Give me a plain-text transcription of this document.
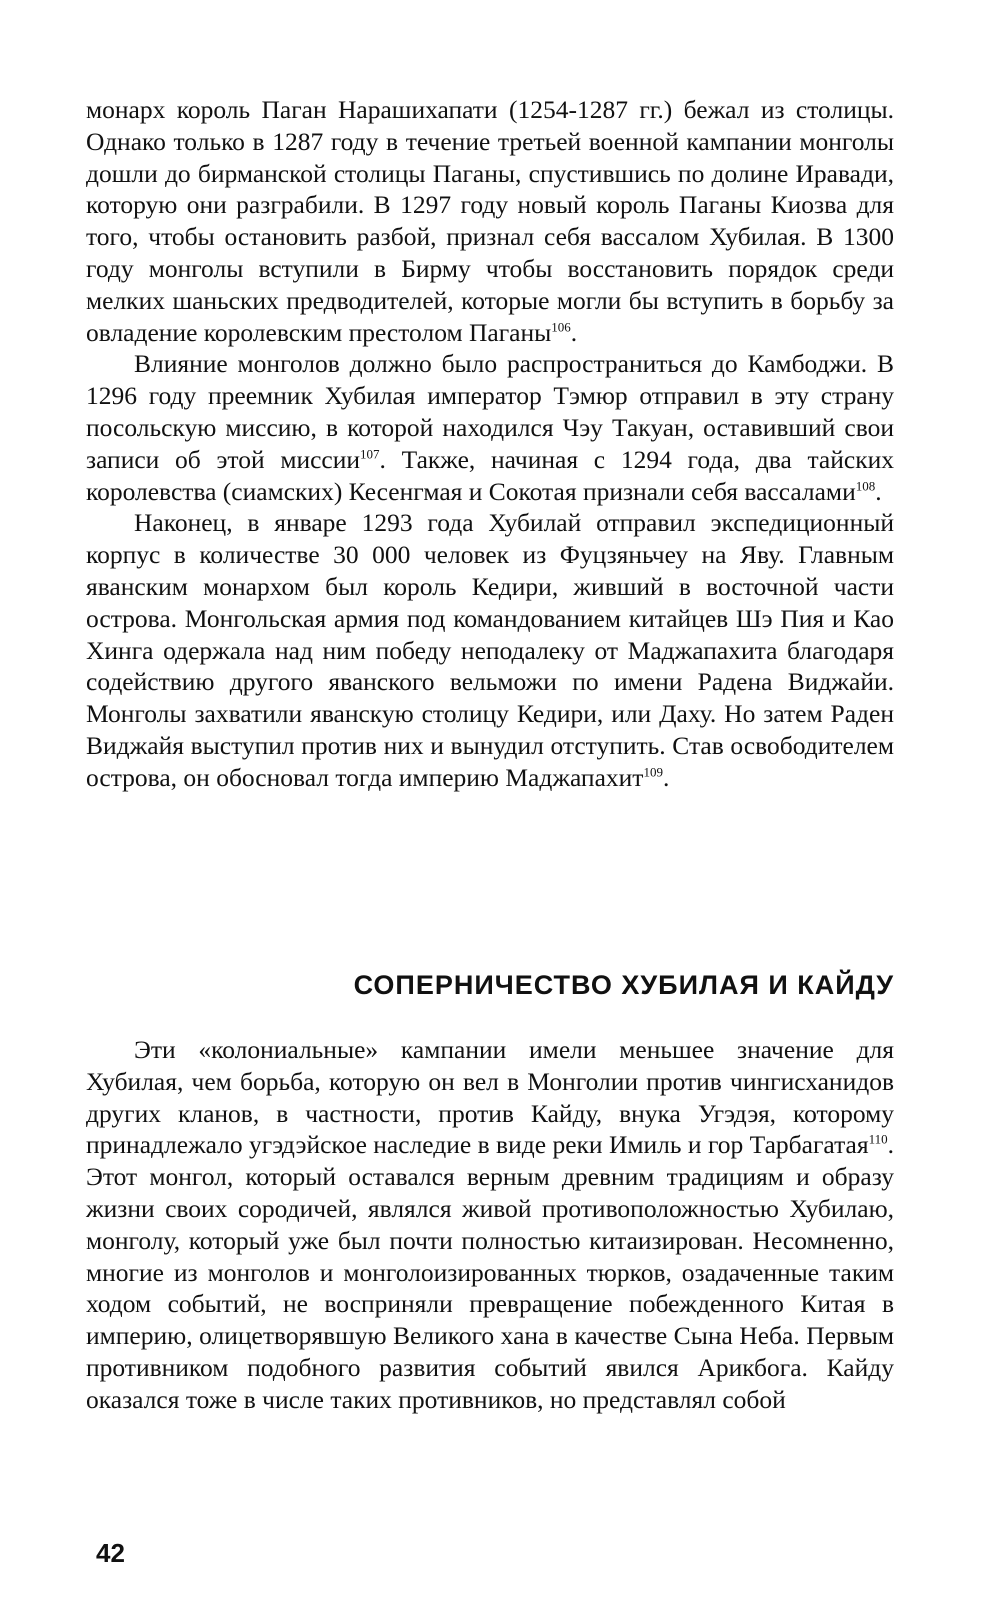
монарх король Паган Нарашихапати (1254-1287 гг.) бежал из столицы. Однако только в 1287 году в течение третьей военной кампании монголы дошли до бирманской столицы Паганы, спустившись по долине Иравади, которую они разграбили. В 1297 году новый король Паганы Киозва для того, чтобы остановить разбой, признал себя вассалом Хубилая. В 1300 году монголы вступили в Бирму чтобы восстановить порядок среди мелких шаньских предводителей, которые могли бы вступить в борьбу за овладение королевским престолом Паганы$^{106}$.

Влияние монголов должно было распространиться до Камбоджи. В 1296 году преемник Хубилая император Тэмюр отправил в эту страну посольскую миссию, в которой находился Чэу Такуан, оставивший свои записи об этой миссии$^{107}$. Также, начиная с 1294 года, два тайских королевства (сиамских) Кесенгмая и Сокотая признали себя вассалами$^{108}$.

Наконец, в январе 1293 года Хубилай отправил экспедиционный корпус в количестве 30 000 человек из Фуцзяньчеу на Яву. Главным яванским монархом был король Кедири, живший в восточной части острова. Монгольская армия под командованием китайцев Шэ Пия и Као Хинга одержала над ним победу неподалеку от Маджапахита благодаря содействию другого яванского вельможи по имени Радена Виджайи. Монголы захватили яванскую столицу Кедири, или Даху. Но затем Раден Виджайя выступил против них и вынудил отступить. Став освободителем острова, он обосновал тогда империю Маджапахит$^{109}$.

СОПЕРНИЧЕСТВО ХУБИЛАЯ И КАЙДУ

Эти «колониальные» кампании имели меньшее значение для Хубилая, чем борьба, которую он вел в Монголии против чингисханидов других кланов, в частности, против Кайду, внука Угэдэя, которому принадлежало угэдэйское наследие в виде реки Имиль и гор Тарбагатая$^{110}$. Этот монгол, который оставался верным древним традициям и образу жизни своих сородичей, являлся живой противоположностью Хубилаю, монголу, который уже был почти полностью китаизирован. Несомненно, многие из монголов и монголоизированных тюрков, озадаченные таким ходом событий, не восприняли превращение побежденного Китая в империю, олицетворявшую Великого хана в качестве Сына Неба. Первым противником подобного развития событий явился Арикбога. Кайду оказался тоже в числе таких противников, но представлял собой

42
